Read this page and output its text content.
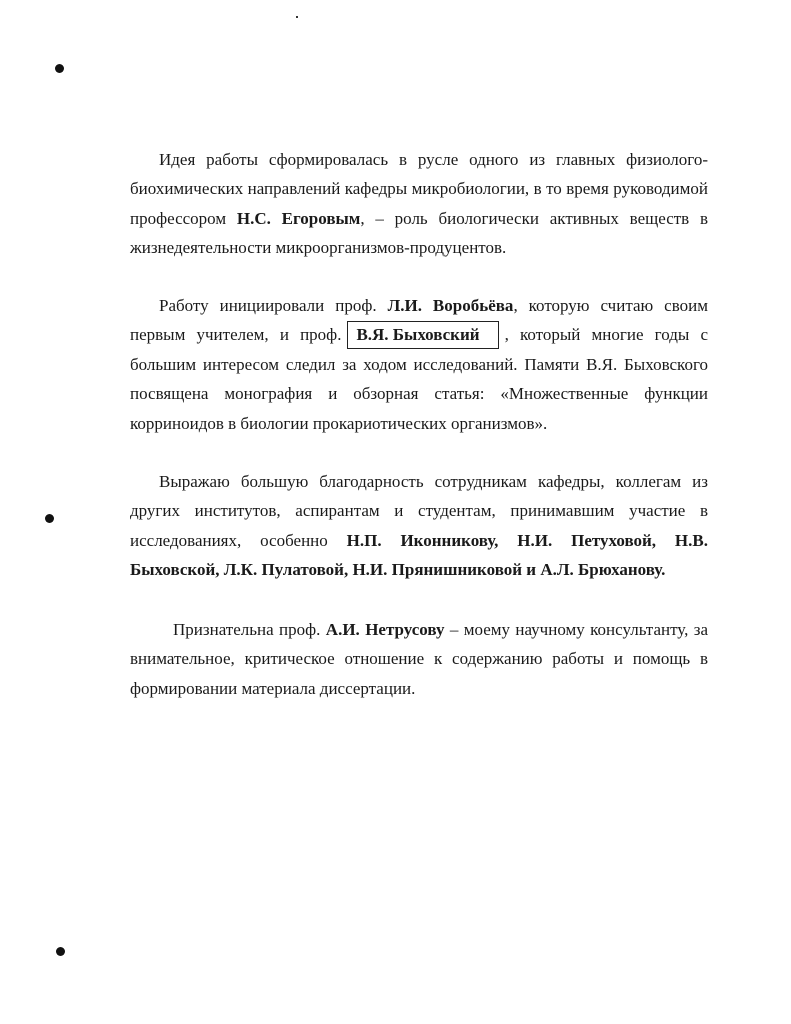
Идея работы сформировалась в русле одного из главных физиолого-биохимических направлений кафедры микробиологии, в то время руководимой профессором Н.С. Егоровым, – роль биологически активных веществ в жизнедеятельности микроорганизмов-продуцентов.

Работу инициировали проф. Л.И. Воробьёва, которую считаю своим первым учителем, и проф. В.Я. Быховский , который многие годы с большим интересом следил за ходом исследований. Памяти В.Я. Быховского посвящена монография и обзорная статья: «Множественные функции корриноидов в биологии прокариотических организмов».

Выражаю большую благодарность сотрудникам кафедры, коллегам из других институтов, аспирантам и студентам, принимавшим участие в исследованиях, особенно Н.П. Иконникову, Н.И. Петуховой, Н.В. Быховской, Л.К. Пулатовой, Н.И. Прянишниковой и А.Л. Брюханову.

Признательна проф. А.И. Нетрусову – моему научному консультанту, за внимательное, критическое отношение к содержанию работы и помощь в формировании материала диссертации.
